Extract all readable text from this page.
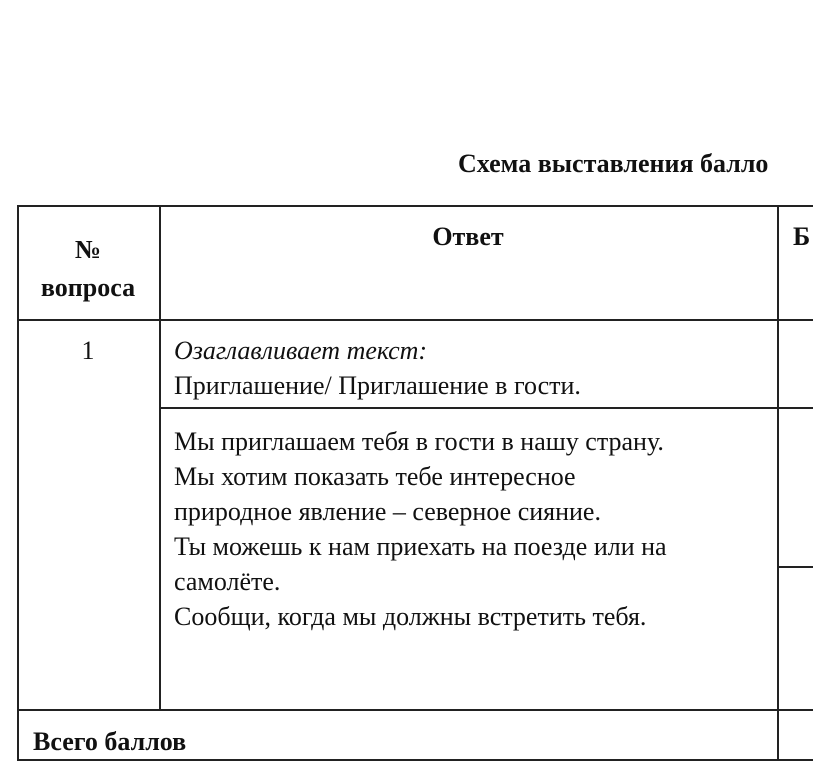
Схема выставления балло
№
вопроса
Ответ	Б
1	Озаглавливает текст:
Приглашение/ Приглашение в гости.
Мы приглашаем тебя в гости в нашу страну.
Мы хотим показать тебе интересное
природное явление – северное сияние.
Ты можешь к нам приехать на поезде или на
самолёте.
Сообщи, когда мы должны встретить тебя.
Всего баллов
